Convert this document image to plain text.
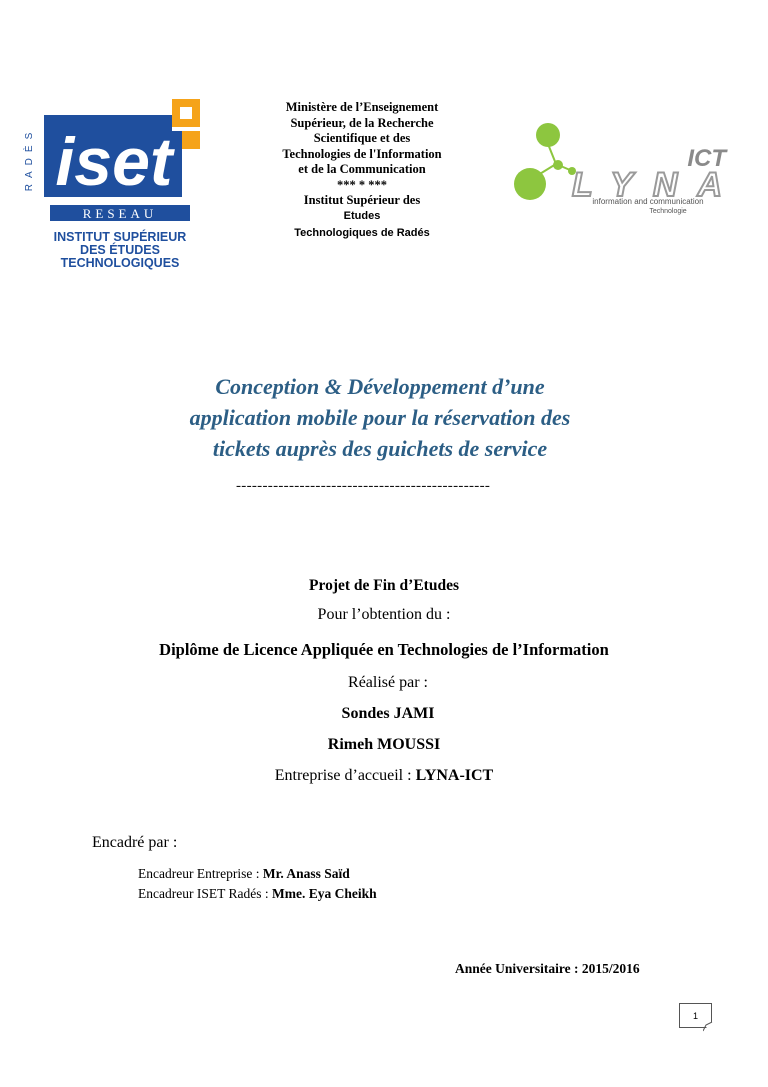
RADÈS iset
RESEAU
INSTITUT SUPÉRIEUR
DES ÉTUDES
TECHNOLOGIQUES
Ministère de l’Enseignement
Supérieur, de la Recherche
Scientifique et des
Technologies de l'Information
et de la Communication
*** * ***
Institut Supérieur des
Etudes
Technologiques de Radés
ICT
LYNA
information and communication
Technologie
Conception & Développement d’une
application mobile pour la réservation des
tickets auprès des guichets de service
------------------------------------------------
Projet de Fin d’Etudes
Pour l’obtention du :
Diplôme de Licence Appliquée en Technologies de l’Information
Réalisé par :
Sondes JAMI
Rimeh MOUSSI
Entreprise d’accueil : LYNA-ICT
Encadré par :
Encadreur Entreprise : Mr. Anass Saïd
Encadreur ISET Radés : Mme. Eya Cheikh
Année Universitaire : 2015/2016
1
